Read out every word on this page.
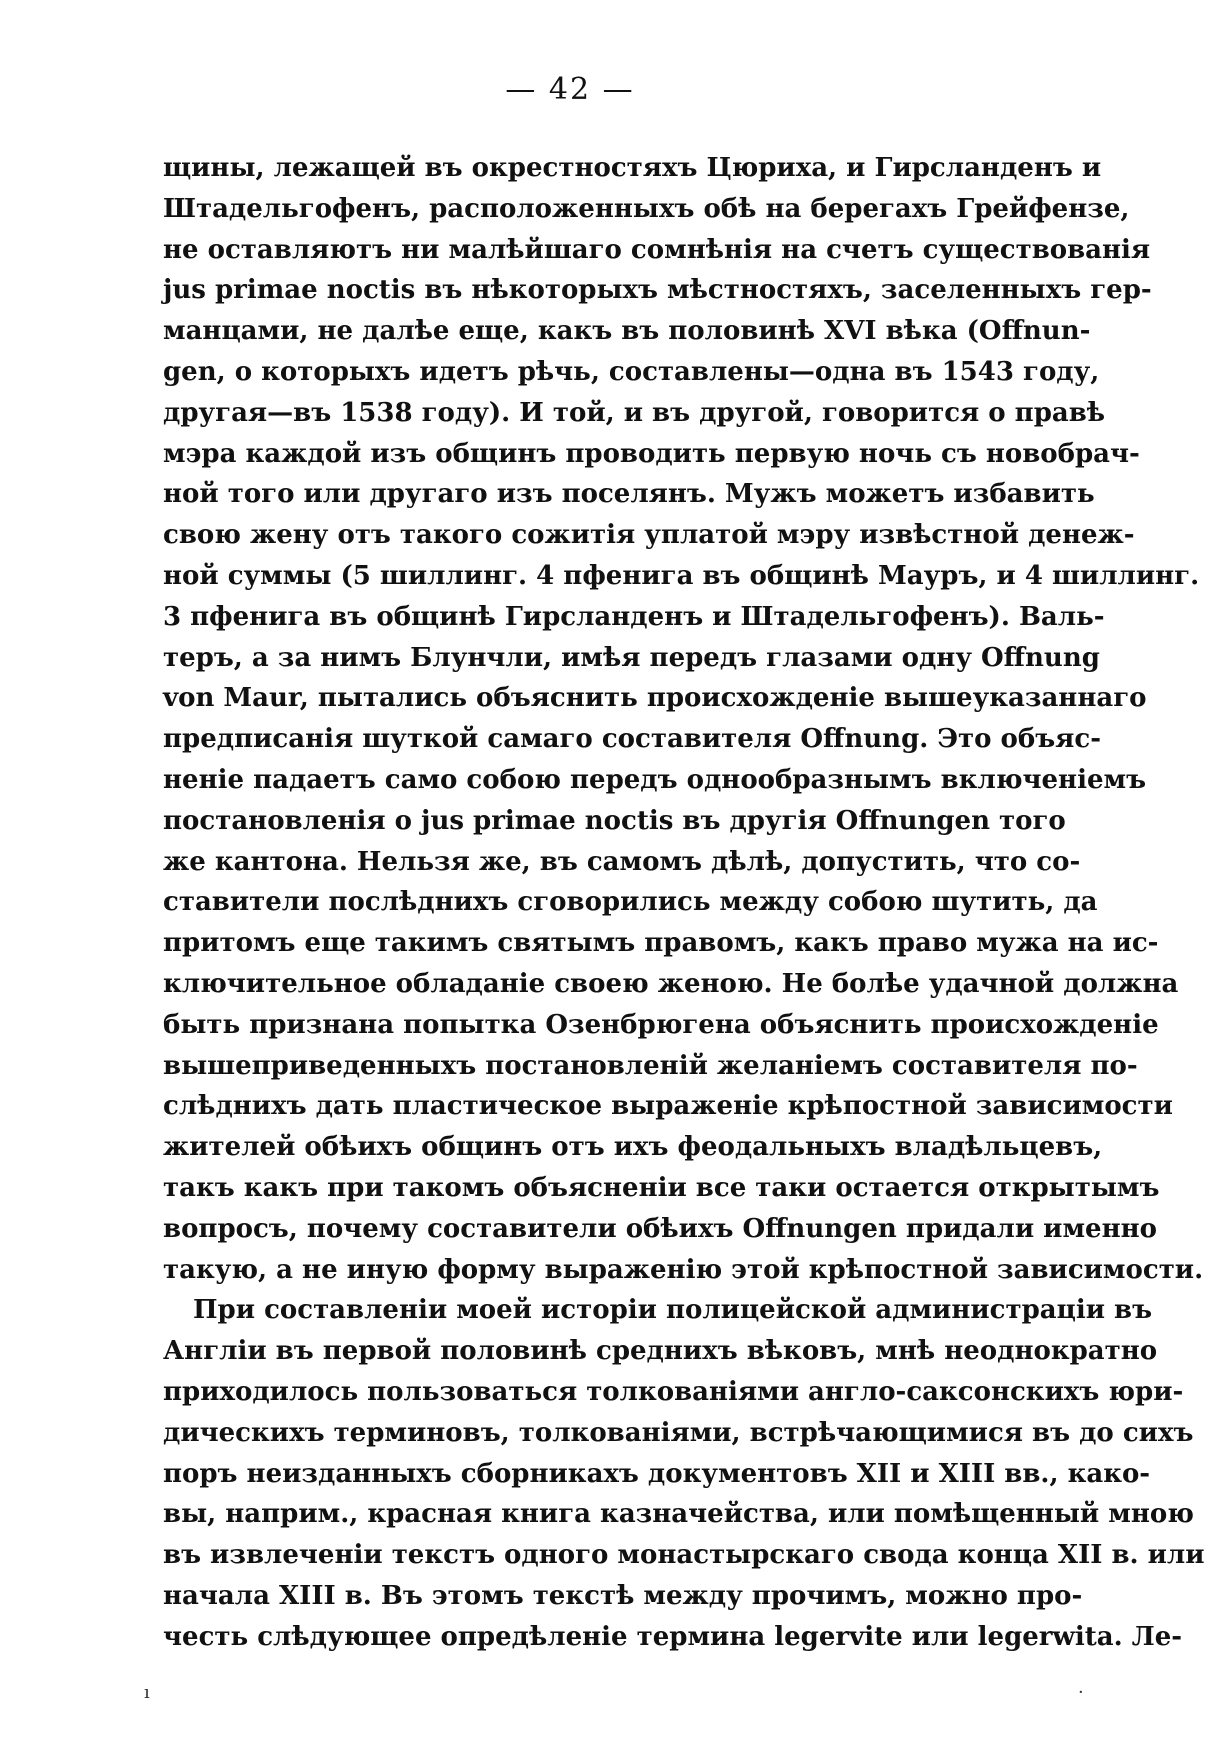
— 42 —
щины, лежащей въ окрестностяхъ Цюриха, и Гирсланденъ и
Штадельгофенъ, расположенныхъ обѣ на берегахъ Грейфензе,
не оставляютъ ни малѣйшаго сомнѣнія на счетъ существованія
jus primae noctis въ нѣкоторыхъ мѣстностяхъ, заселенныхъ гер-
манцами, не далѣе еще, какъ въ половинѣ XVI вѣка (Offnun-
gen, о которыхъ идетъ рѣчь, составлены—одна въ 1543 году,
другая—въ 1538 году). И той, и въ другой, говорится о правѣ
мэра каждой изъ общинъ проводить первую ночь съ новобрач-
ной того или другаго изъ поселянъ. Мужъ можетъ избавить
свою жену отъ такого сожитія уплатой мэру извѣстной денеж-
ной суммы (5 шиллинг. 4 пфенига въ общинѣ Мауръ, и 4 шиллинг.
3 пфенига въ общинѣ Гирсланденъ и Штадельгофенъ). Валь-
теръ, а за нимъ Блунчли, имѣя передъ глазами одну Offnung
von Maur, пытались объяснить происхожденіе вышеуказаннаго
предписанія шуткой самаго составителя Offnung. Это объяс-
неніе падаетъ само собою передъ однообразнымъ включеніемъ
постановленія о jus primae noctis въ другія Offnungen того
же кантона. Нельзя же, въ самомъ дѣлѣ, допустить, что со-
ставители послѣднихъ сговорились между собою шутить, да
притомъ еще такимъ святымъ правомъ, какъ право мужа на ис-
ключительное обладаніе своею женою. Не болѣе удачной должна
быть признана попытка Озенбрюгена объяснить происхожденіе
вышеприведенныхъ постановленій желаніемъ составителя по-
слѣднихъ дать пластическое выраженіе крѣпостной зависимости
жителей обѣихъ общинъ отъ ихъ феодальныхъ владѣльцевъ,
такъ какъ при такомъ объясненіи все таки остается открытымъ
вопросъ, почему составители обѣихъ Offnungen придали именно
такую, а не иную форму выраженію этой крѣпостной зависимости.
При составленіи моей исторіи полицейской администраціи въ
Англіи въ первой половинѣ среднихъ вѣковъ, мнѣ неоднократно
приходилось пользоваться толкованіями англо-саксонскихъ юри-
дическихъ терминовъ, толкованіями, встрѣчающимися въ до сихъ
поръ неизданныхъ сборникахъ документовъ XII и XIII вв., како-
вы, наприм., красная книга казначейства, или помѣщенный мною
въ извлеченіи текстъ одного монастырскаго свода конца XII в. или
начала XIII в. Въ этомъ текстѣ между прочимъ, можно про-
честь слѣдующее опредѣленіе термина legervite или legerwita. Ле-
ı	·
